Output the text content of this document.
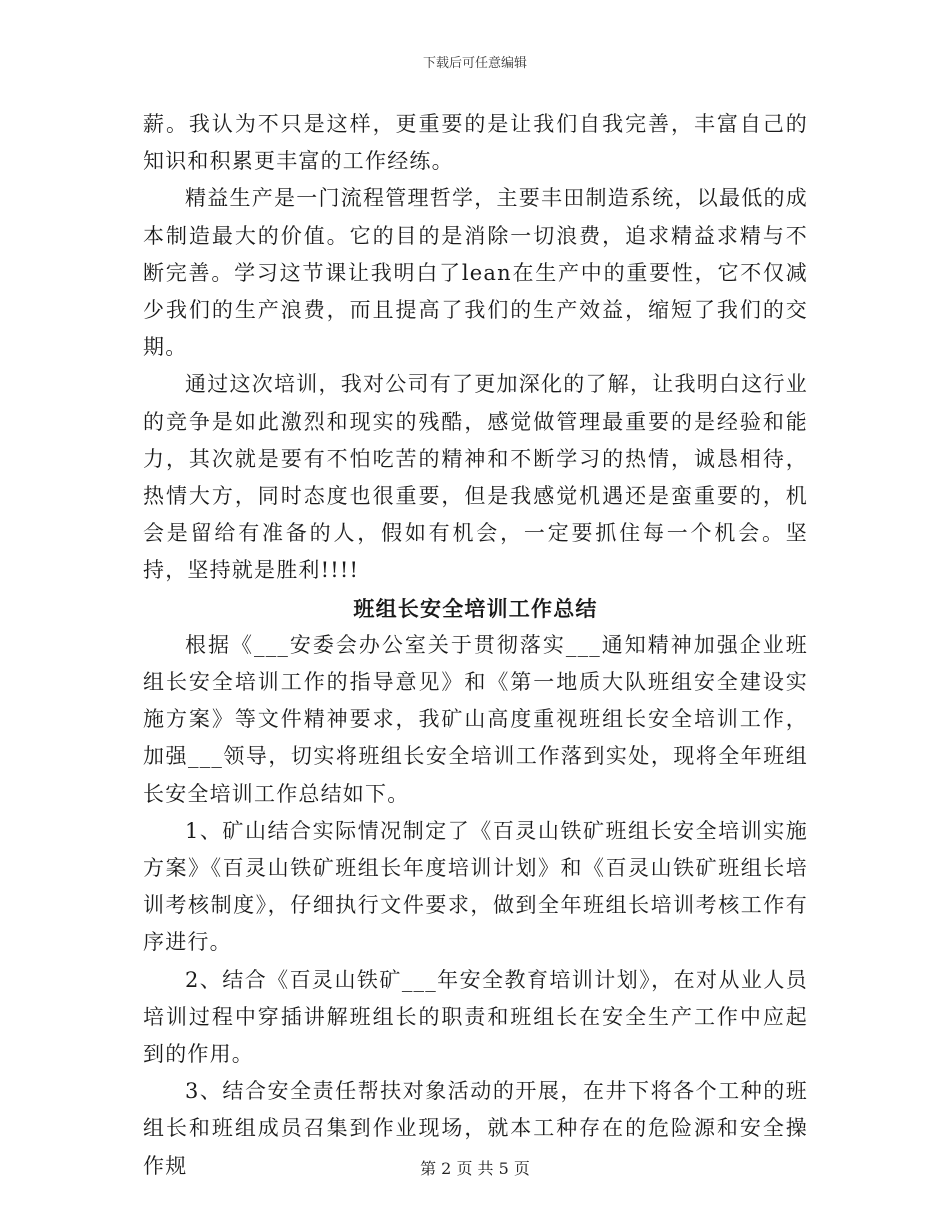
下载后可任意编辑

薪。我认为不只是这样，更重要的是让我们自我完善，丰富自己的知识和积累更丰富的工作经练。

精益生产是一门流程管理哲学，主要丰田制造系统，以最低的成本制造最大的价值。它的目的是消除一切浪费，追求精益求精与不断完善。学习这节课让我明白了lean在生产中的重要性，它不仅减少我们的生产浪费，而且提高了我们的生产效益，缩短了我们的交期。

通过这次培训，我对公司有了更加深化的了解，让我明白这行业的竞争是如此激烈和现实的残酷，感觉做管理最重要的是经验和能力，其次就是要有不怕吃苦的精神和不断学习的热情，诚恳相待，热情大方，同时态度也很重要，但是我感觉机遇还是蛮重要的，机会是留给有准备的人，假如有机会，一定要抓住每一个机会。坚持，坚持就是胜利!!!!

班组长安全培训工作总结

根据《___安委会办公室关于贯彻落实___通知精神加强企业班组长安全培训工作的指导意见》和《第一地质大队班组安全建设实施方案》等文件精神要求，我矿山高度重视班组长安全培训工作，加强___领导，切实将班组长安全培训工作落到实处，现将全年班组长安全培训工作总结如下。

1、矿山结合实际情况制定了《百灵山铁矿班组长安全培训实施方案》《百灵山铁矿班组长年度培训计划》和《百灵山铁矿班组长培训考核制度》，仔细执行文件要求，做到全年班组长培训考核工作有序进行。

2、结合《百灵山铁矿___年安全教育培训计划》，在对从业人员培训过程中穿插讲解班组长的职责和班组长在安全生产工作中应起到的作用。

3、结合安全责任帮扶对象活动的开展，在井下将各个工种的班组长和班组成员召集到作业现场，就本工种存在的危险源和安全操作规	第 2 页 共 5 页
